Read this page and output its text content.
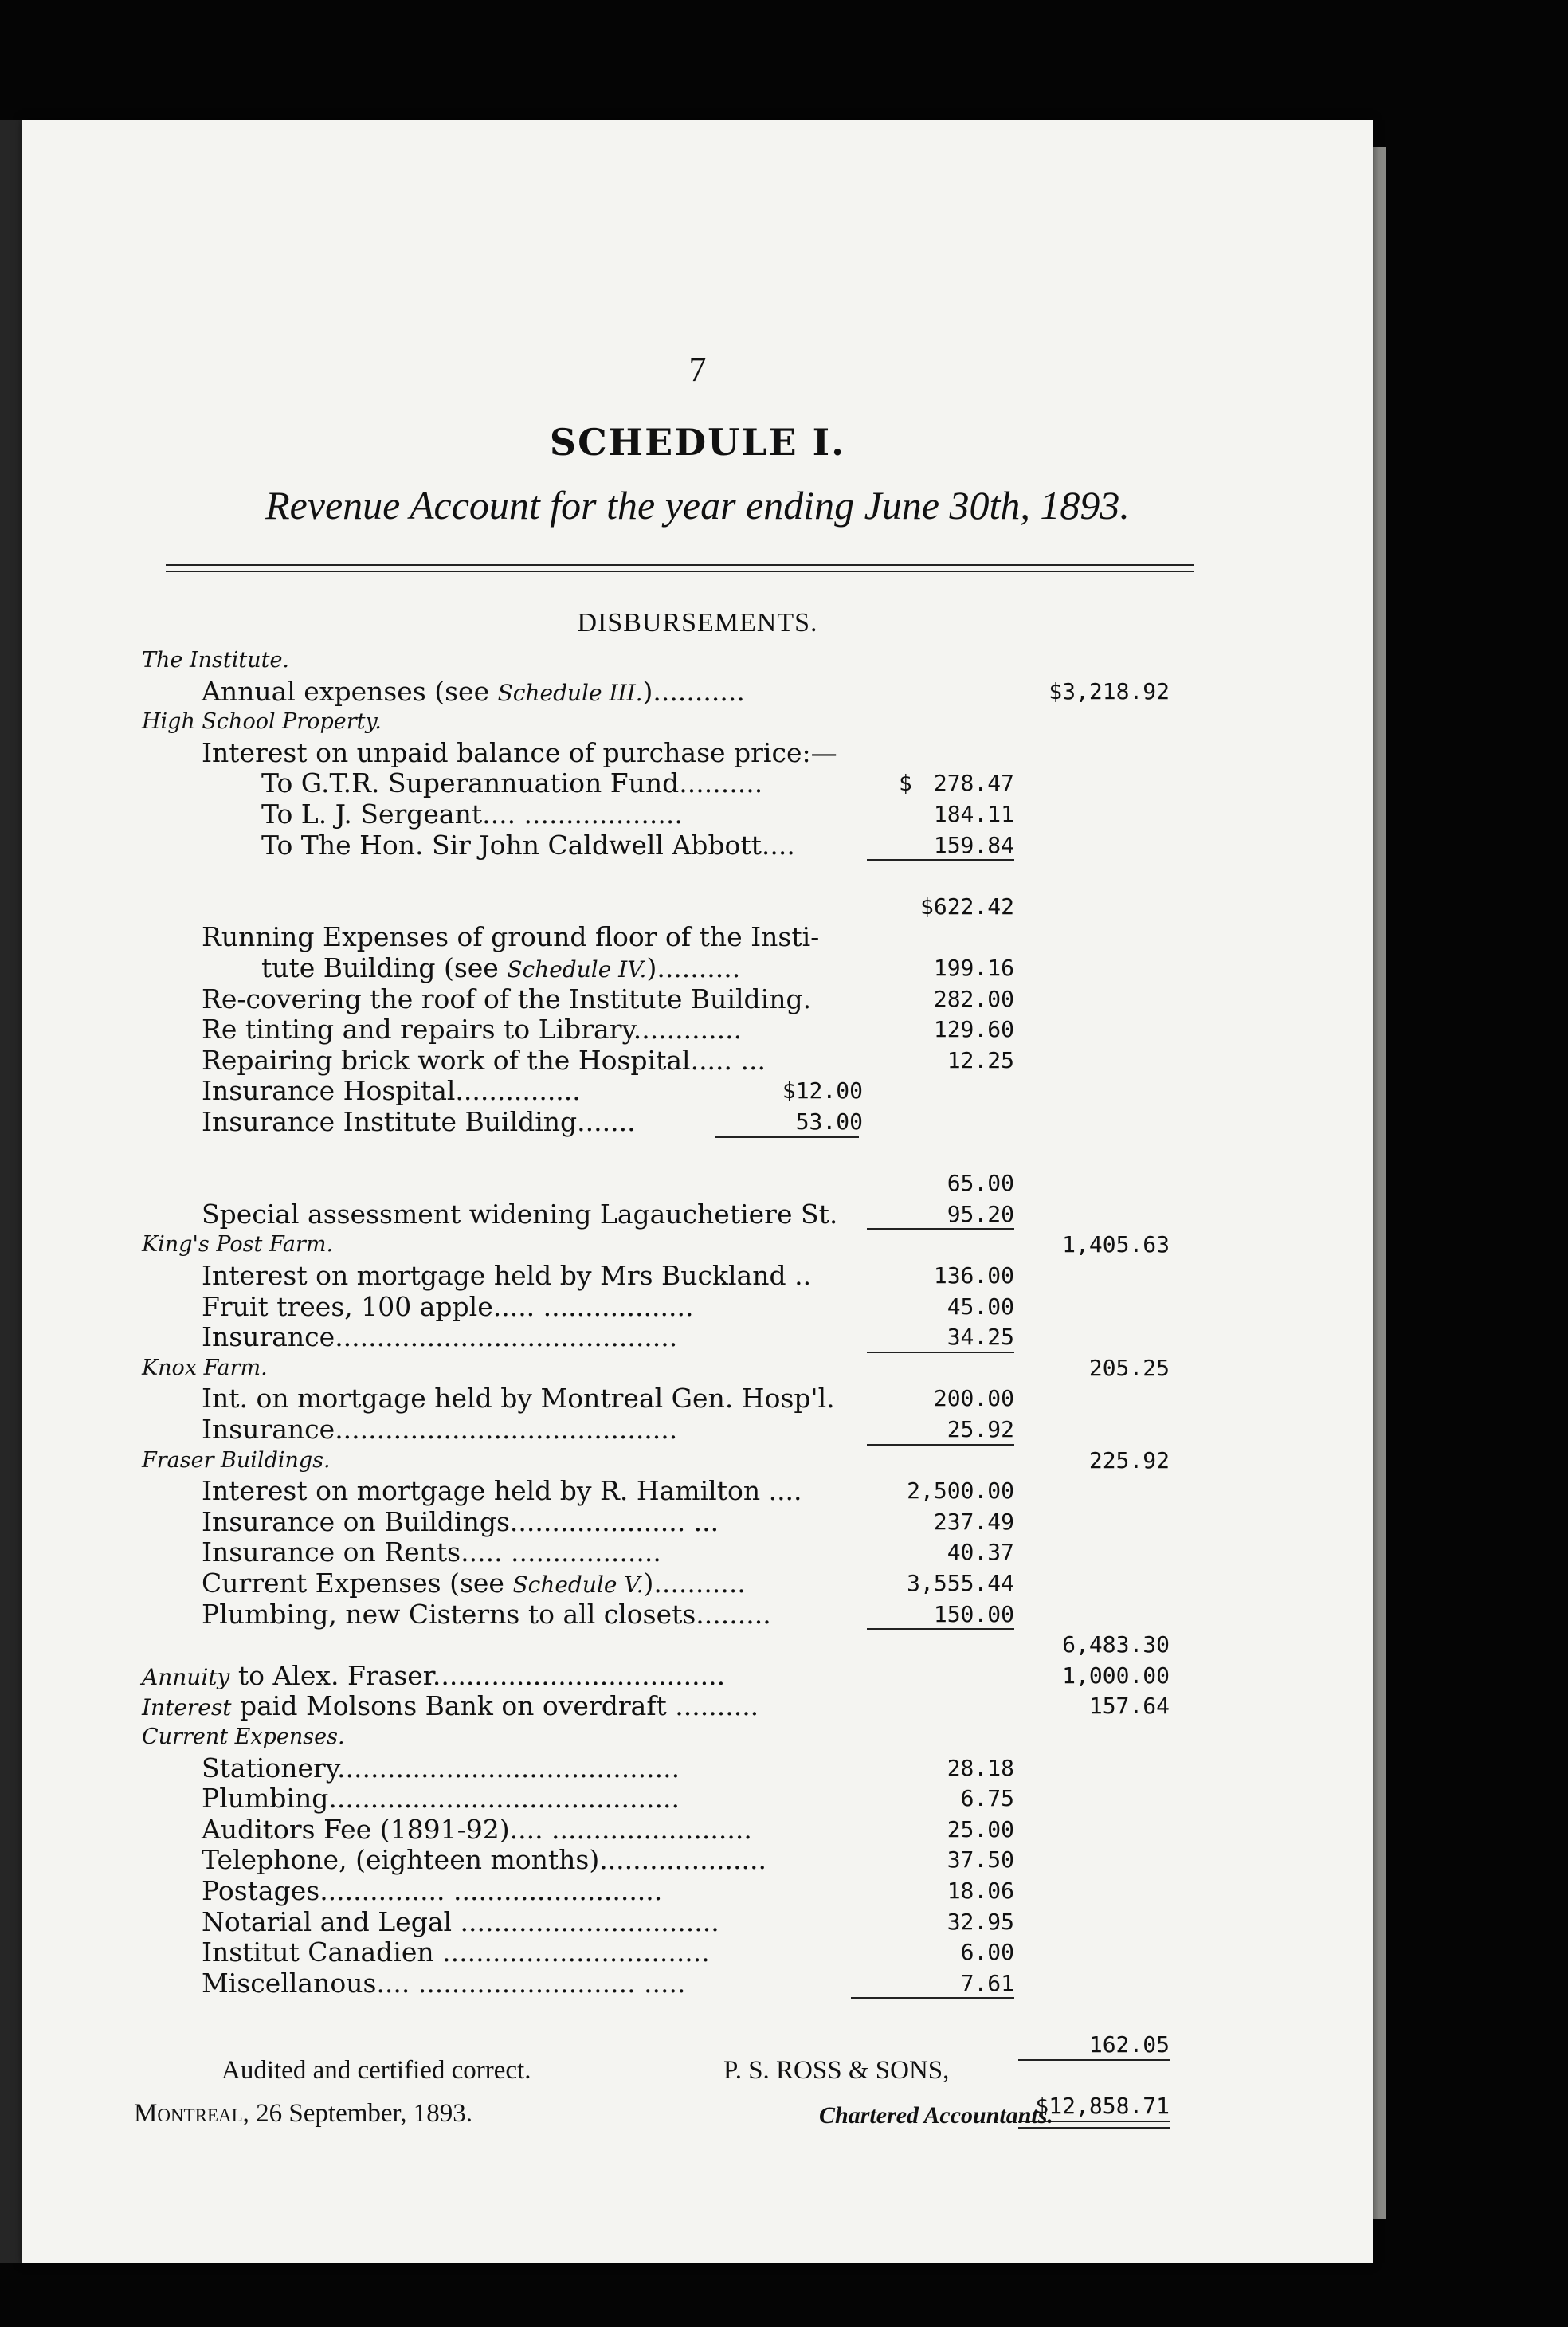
7
SCHEDULE I.
Revenue Account for the year ending June 30th, 1893.
DISBURSEMENTS.
The Institute.
Annual expenses (see Schedule III.)...........	$3,218.92
High School Property.
Interest on unpaid balance of purchase price:—
To G.T.R. Superannuation Fund..........	$ 278.47
To L. J. Sergeant.... ...................	184.11
To The Hon. Sir John Caldwell Abbott....	159.84
$622.42
Running Expenses of ground floor of the Insti-
tute Building (see Schedule IV.)..........	199.16
Re-covering the roof of the Institute Building.	282.00
Re tinting and repairs to Library.............	129.60
Repairing brick work of the Hospital..... ...	12.25
Insurance Hospital...............	$12.00
Insurance Institute Building.......	53.00
65.00
Special assessment widening Lagauchetiere St.	95.20
King's Post Farm.	1,405.63
Interest on mortgage held by Mrs Buckland ..	136.00
Fruit trees, 100 apple..... ..................	45.00
Insurance.........................................	34.25
Knox Farm.	205.25
Int. on mortgage held by Montreal Gen. Hosp'l.	200.00
Insurance.........................................	25.92
Fraser Buildings.	225.92
Interest on mortgage held by R. Hamilton ....	2,500.00
Insurance on Buildings..................... ...	237.49
Insurance on Rents..... ..................	40.37
Current Expenses (see Schedule V.)...........	3,555.44
Plumbing, new Cisterns to all closets.........	150.00
6,483.30
Annuity to Alex. Fraser...................................	1,000.00
Interest paid Molsons Bank on overdraft ..........	157.64
Current Expenses.
Stationery.........................................	28.18
Plumbing..........................................	6.75
Auditors Fee (1891-92).... ........................	25.00
Telephone, (eighteen months)....................	37.50
Postages............... .........................	18.06
Notarial and Legal ...............................	32.95
Institut Canadien ................................	6.00
Miscellanous.... .......................... .....	7.61
162.05
$12,858.71
Audited and certified correct.
Montreal, 26 September, 1893.
P. S. ROSS & SONS,
Chartered Accountants.
